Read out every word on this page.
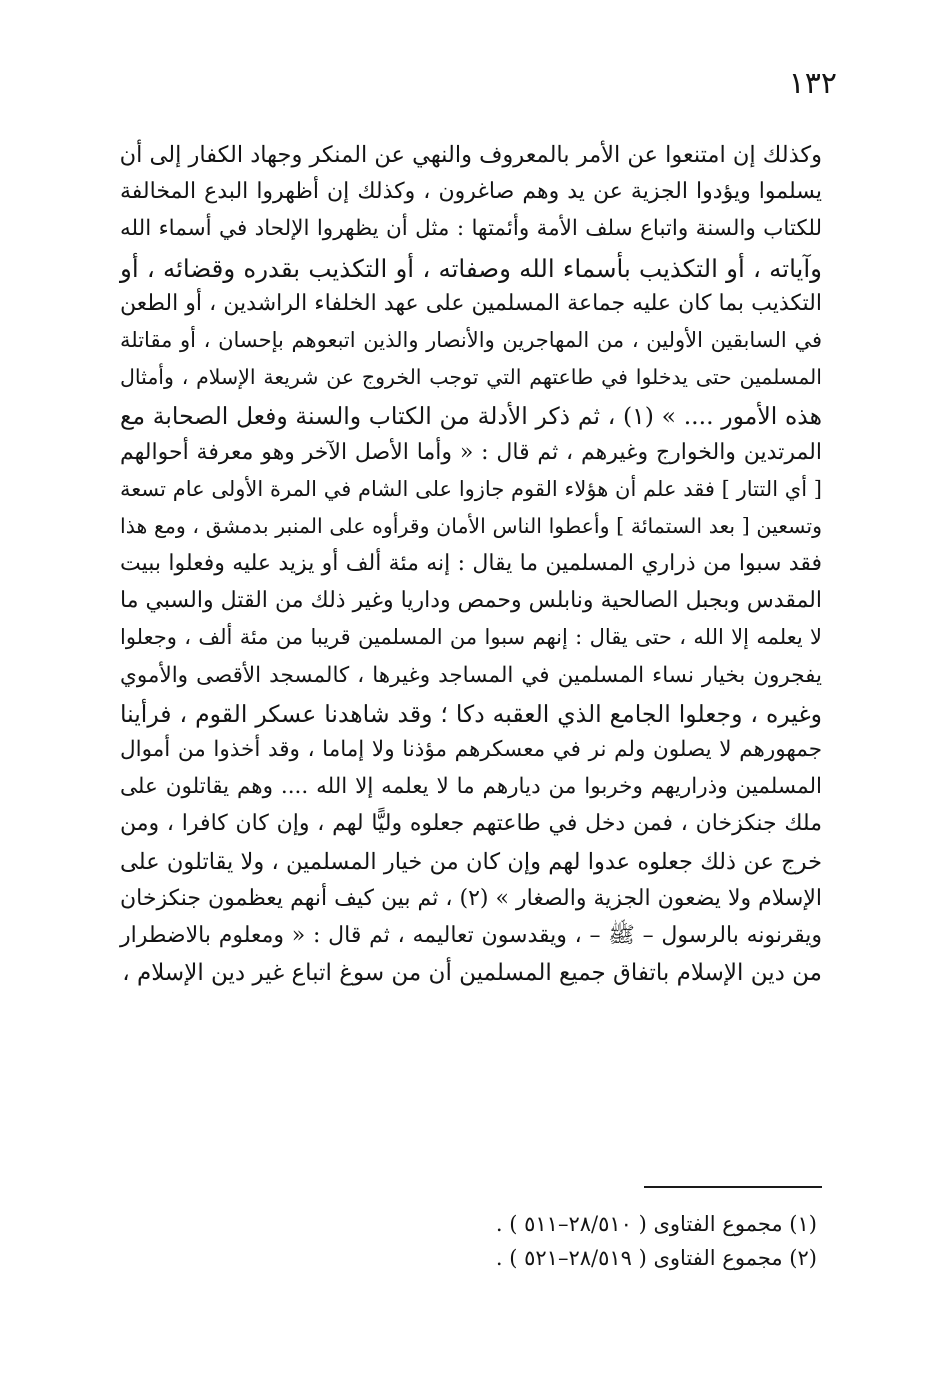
١٣٢
وكذلك إن امتنعوا عن الأمر بالمعروف والنهي عن المنكر وجهاد الكفار إلى أن
يسلموا ويؤدوا الجزية عن يد وهم صاغرون ، وكذلك إن أظهروا البدع المخالفة
للكتاب والسنة واتباع سلف الأمة وأئمتها : مثل أن يظهروا الإلحاد في أسماء الله
وآياته ، أو التكذيب بأسماء الله وصفاته ، أو التكذيب بقدره وقضائه ، أو
التكذيب بما كان عليه جماعة المسلمين على عهد الخلفاء الراشدين ، أو الطعن
في السابقين الأولين ، من المهاجرين والأنصار والذين اتبعوهم بإحسان ، أو مقاتلة
المسلمين حتى يدخلوا في طاعتهم التي توجب الخروج عن شريعة الإسلام ، وأمثال
هذه الأمور .... » (١) ، ثم ذكر الأدلة من الكتاب والسنة وفعل الصحابة مع
المرتدين والخوارج وغيرهم ، ثم قال : « وأما الأصل الآخر وهو معرفة أحوالهم
[ أي التتار ] فقد علم أن هؤلاء القوم جازوا على الشام في المرة الأولى عام تسعة
وتسعين [ بعد الستمائة ] وأعطوا الناس الأمان وقرأوه على المنبر بدمشق ، ومع هذا
فقد سبوا من ذراري المسلمين ما يقال : إنه مئة ألف أو يزيد عليه وفعلوا ببيت
المقدس وبجبل الصالحية ونابلس وحمص وداريا وغير ذلك من القتل والسبي ما
لا يعلمه إلا الله ، حتى يقال : إنهم سبوا من المسلمين قريبا من مئة ألف ، وجعلوا
يفجرون بخيار نساء المسلمين في المساجد وغيرها ، كالمسجد الأقصى والأموي
وغيره ، وجعلوا الجامع الذي العقبه دكا ؛ وقد شاهدنا عسكر القوم ، فرأينا
جمهورهم لا يصلون ولم نر في معسكرهم مؤذنا ولا إماما ، وقد أخذوا من أموال
المسلمين وذراريهم وخربوا من ديارهم ما لا يعلمه إلا الله .... وهم يقاتلون على
ملك جنكزخان ، فمن دخل في طاعتهم جعلوه وليًّا لهم ، وإن كان كافرا ، ومن
خرج عن ذلك جعلوه عدوا لهم وإن كان من خيار المسلمين ، ولا يقاتلون على
الإسلام ولا يضعون الجزية والصغار » (٢) ، ثم بين كيف أنهم يعظمون جنكزخان
ويقرنونه بالرسول – ﷺ – ، ويقدسون تعاليمه ، ثم قال : « ومعلوم بالاضطرار
من دين الإسلام باتفاق جميع المسلمين أن من سوغ اتباع غير دين الإسلام ،
(١) مجموع الفتاوى ( ٢٨/٥١٠–٥١١ ) .
(٢) مجموع الفتاوى ( ٢٨/٥١٩–٥٢١ ) .
